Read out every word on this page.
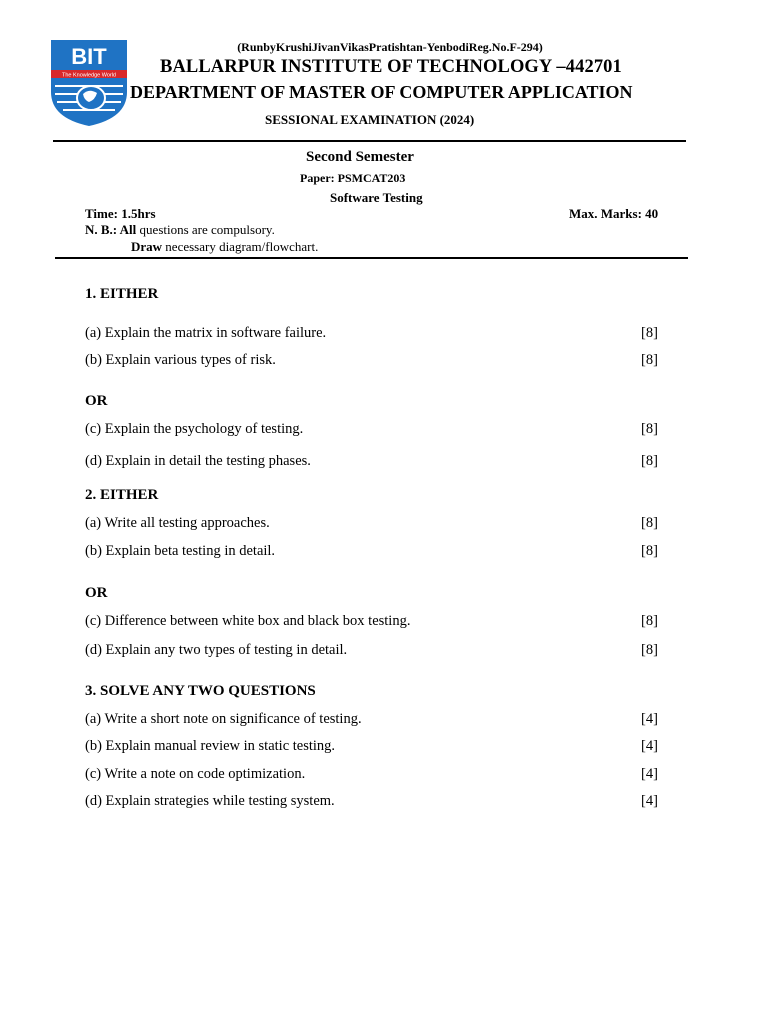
BIT
The Knowledge World
(RunbyKrushiJivanVikasPratishtan-YenbodiReg.No.F-294)
BALLARPUR INSTITUTE OF TECHNOLOGY –442701
DEPARTMENT OF MASTER OF COMPUTER APPLICATION
SESSIONAL EXAMINATION (2024)
Second Semester
Paper: PSMCAT203
Software Testing
Time: 1.5hrs	Max. Marks: 40
N. B.: All questions are compulsory.
Draw necessary diagram/flowchart.
1. EITHER
(a) Explain the matrix in software failure.	[8]
(b) Explain various types of risk.	[8]
OR
(c) Explain the psychology of testing.	[8]
(d) Explain in detail the testing phases.	[8]
2. EITHER
(a) Write all testing approaches.	[8]
(b) Explain beta testing in detail.	[8]
OR
(c) Difference between white box and black box testing.	[8]
(d) Explain any two types of testing in detail.	[8]
3. SOLVE ANY TWO QUESTIONS
(a) Write a short note on significance of testing.	[4]
(b) Explain manual review in static testing.	[4]
(c) Write a note on code optimization.	[4]
(d) Explain strategies while testing system.	[4]
